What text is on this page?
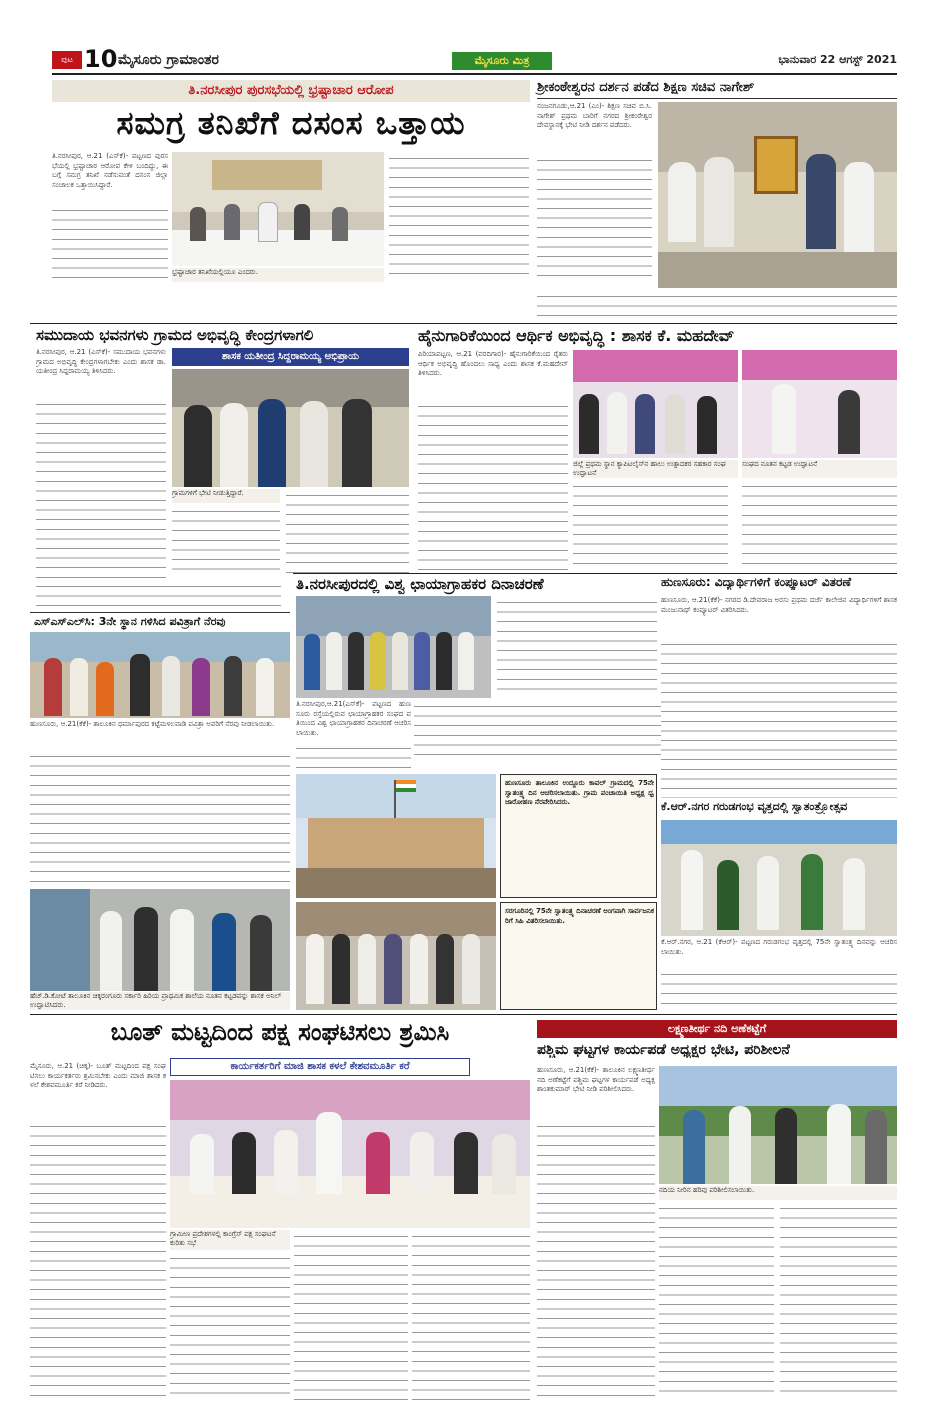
ಪುಟ 10 ಮೈಸೂರು ಗ್ರಾಮಾಂತರ	ಮೈಸೂರು ಮಿತ್ರ	ಭಾನುವಾರ 22 ಆಗಸ್ಟ್ 2021
ತಿ.ನರಸೀಪುರ ಪುರಸಭೆಯಲ್ಲಿ ಭ್ರಷ್ಟಾಚಾರ ಆರೋಪ
ಸಮಗ್ರ ತನಿಖೆಗೆ ದಸಂಸ ಒತ್ತಾಯ
ತಿ.ನರಸೀಪುರ, ಆ.21 (ಎಸ್‌ಕೆ)- ಪಟ್ಟಣದ ಪುರಸಭೆಯಲ್ಲಿ ಭ್ರಷ್ಟಾಚಾರ ಆರೋಪ ಕೇಳಿ ಬಂದಿದ್ದು, ಈ ಬಗ್ಗೆ ಸಮಗ್ರ ತನಿಖೆ ನಡೆಸುವಂತೆ ದಸಂಸ ಜಿಲ್ಲಾ ಸಂಚಾಲಕ ಒತ್ತಾಯಿಸಿದ್ದಾರೆ.
ಭ್ರಷ್ಟಾಚಾರ ತನಿಖೆಯಲ್ಲಿಯೂ ಎಂದರು.
ಶ್ರೀಕಂಠೇಶ್ವರನ ದರ್ಶನ ಪಡೆದ ಶಿಕ್ಷಣ ಸಚಿವ ನಾಗೇಶ್
ನಂಜನಗೂಡು,ಆ.21 (ಎಂ)- ಶಿಕ್ಷಣ ಸಚಿವ ಬಿ.ಸಿ.ನಾಗೇಶ್ ಪ್ರಥಮ ಬಾರಿಗೆ ನಗರದ ಶ್ರೀಕಂಠೇಶ್ವರ ದೇವಸ್ಥಾನಕ್ಕೆ ಭೇಟಿ ನೀಡಿ ದರ್ಶನ ಪಡೆದರು.
ಸಮುದಾಯ ಭವನಗಳು ಗ್ರಾಮದ ಅಭಿವೃದ್ಧಿ ಕೇಂದ್ರಗಳಾಗಲಿ
ಶಾಸಕ ಯತೀಂದ್ರ ಸಿದ್ದರಾಮಯ್ಯ ಅಭಿಪ್ರಾಯ
ತಿ.ನರಸೀಪುರ, ಆ.21 (ಎಸ್‌ಕೆ)- ಸಮುದಾಯ ಭವನಗಳು ಗ್ರಾಮದ ಅಭಿವೃದ್ಧಿ ಕೇಂದ್ರಗಳಾಗಬೇಕು ಎಂದು ಶಾಸಕ ಡಾ.ಯತೀಂದ್ರ ಸಿದ್ದರಾಮಯ್ಯ ತಿಳಿಸಿದರು.
ಗ್ರಾಮಗಳಿಗೆ ಭೇಟಿ ನೀಡುತ್ತಿದ್ದಾರೆ.
ಹೈನುಗಾರಿಕೆಯಿಂದ ಆರ್ಥಿಕ ಅಭಿವೃದ್ಧಿ : ಶಾಸಕ ಕೆ. ಮಹದೇವ್
ಪಿರಿಯಾಪಟ್ಟಣ, ಆ.21 (ವರದಿಗಾರ)- ಹೈನುಗಾರಿಕೆಯಿಂದ ರೈತರು ಆರ್ಥಿಕ ಅಭಿವೃದ್ಧಿ ಹೊಂದಲು ಸಾಧ್ಯ ಎಂದು ಶಾಸಕ ಕೆ.ಮಹದೇವ್ ತಿಳಿಸಿದರು.
ಜಿಲ್ಲೆ ಪ್ರಥಮ ಸ್ಥಾನ ಕ್ಯಾಪಿಟಲೈಸ್‌ನ ಹಾಲು ಉತ್ಪಾದಕರ ಸಹಕಾರ ಸಂಘ ಉದ್ಘಾಟನೆ
ಸಂಘದ ನೂತನ ಕಟ್ಟಡ ಉದ್ಘಾಟನೆ
ತಿ.ನರಸೀಪುರದಲ್ಲಿ ವಿಶ್ವ ಛಾಯಾಗ್ರಾಹಕರ ದಿನಾಚರಣೆ
ತಿ.ನರಸೀಪುರ,ಆ.21(ಎಸ್‌ಕೆ)- ಪಟ್ಟಣದ ಹುಣಸೂರು ರಸ್ತೆಯಲ್ಲಿರುವ ಛಾಯಾಗ್ರಾಹಕರ ಸಂಘದ ವತಿಯಿಂದ ವಿಶ್ವ ಛಾಯಾಗ್ರಾಹಕರ ದಿನಾಚರಣೆ ಆಚರಿಸಲಾಯಿತು.
ಹುಣಸೂರು: ವಿದ್ಯಾರ್ಥಿಗಳಿಗೆ ಕಂಪ್ಯೂಟರ್ ವಿತರಣೆ
ಹುಣಸೂರು, ಆ.21(ಕೆಕೆ)- ನಗರದ ಡಿ.ದೇವರಾಜ ಅರಸು ಪ್ರಥಮ ದರ್ಜೆ ಕಾಲೇಜಿನ ವಿದ್ಯಾರ್ಥಿಗಳಿಗೆ ಶಾಸಕ ಮಂಜುನಾಥ್ ಕಂಪ್ಯೂಟರ್ ವಿತರಿಸಿದರು.
ಎಸ್‌ಎಸ್‌ಎಲ್‌ಸಿ: 3ನೇ ಸ್ಥಾನ ಗಳಿಸಿದ ಪವಿತ್ರಾಗೆ ನೆರವು
ಹುಣಸೂರು, ಆ.21(ಕೆಕೆ)- ತಾಲೂಕಿನ ಧರ್ಮಾಪುರದ ಕಟ್ಟೆಮಳಲವಾಡಿ ಪವಿತ್ರಾ ಅವರಿಗೆ ನೆರವು ನೀಡಲಾಯಿತು.
ಹೆಚ್.ಡಿ.ಕೋಟೆ ತಾಲೂಕಿನ ಚಿಕ್ಕರಂಗೂರು ಸರ್ಕಾರಿ ಹಿರಿಯ ಪ್ರಾಥಮಿಕ ಶಾಲೆಯ ನೂತನ ಕಟ್ಟಡವನ್ನು ಶಾಸಕ ಅನಿಲ್ ಉದ್ಘಾಟಿಸಿದರು.
ಹುಣಸೂರು ತಾಲೂಕಿನ ಉದ್ದೂರು ಕಾವಲ್ ಗ್ರಾಮದಲ್ಲಿ 75ನೇ ಸ್ವಾತಂತ್ರ್ಯ ದಿನ ಆಚರಿಸಲಾಯಿತು. ಗ್ರಾಮ ಪಂಚಾಯಿತಿ ಅಧ್ಯಕ್ಷ ಧ್ವಜಾರೋಹಣ ನೆರವೇರಿಸಿದರು.	ಕೆ.ಆರ್.ನಗರ ಗರುಡಗಂಭ ವೃತ್ತದಲ್ಲಿ ಸ್ವಾತಂತ್ರ್ಯೋತ್ಸವ
ಕೆ.ಆರ್.ನಗರ, ಆ.21 (ಕೆಆರ್)- ಪಟ್ಟಣದ ಗರುಡಗಂಭ ವೃತ್ತದಲ್ಲಿ 75ನೇ ಸ್ವಾತಂತ್ರ್ಯ ದಿನವನ್ನು ಆಚರಿಸಲಾಯಿತು.
ಸರಗೂರಿನಲ್ಲಿ 75ನೇ ಸ್ವಾತಂತ್ರ್ಯ ದಿನಾಚರಣೆ ಅಂಗವಾಗಿ ಸಾರ್ವಜನಿಕರಿಗೆ ಸಿಹಿ ವಿತರಿಸಲಾಯಿತು.
ಬೂತ್ ಮಟ್ಟದಿಂದ ಪಕ್ಷ ಸಂಘಟಿಸಲು ಶ್ರಮಿಸಿ
ಕಾರ್ಯಕರ್ತರಿಗೆ ಮಾಜಿ ಶಾಸಕ ಕಳಲೆ ಕೇಶವಮೂರ್ತಿ ಕರೆ
ಮೈಸೂರು, ಆ.21 (ಚಿಕ್ಕ)- ಬೂತ್ ಮಟ್ಟದಿಂದ ಪಕ್ಷ ಸಂಘಟಿಸಲು ಕಾರ್ಯಕರ್ತರು ಶ್ರಮಿಸಬೇಕು ಎಂದು ಮಾಜಿ ಶಾಸಕ ಕಳಲೆ ಕೇಶವಮೂರ್ತಿ ಕರೆ ನೀಡಿದರು.
ಗ್ರಾಮೀಣ ಪ್ರದೇಶಗಳಲ್ಲಿ ಕಾಂಗ್ರೆಸ್ ಪಕ್ಷ ಸಂಘಟನೆ ಕುರಿತು ಸಭೆ
ಲಕ್ಷ್ಮಣತೀರ್ಥ ನದಿ ಅಣೆಕಟ್ಟೆಗೆ
ಪಶ್ಚಿಮ ಘಟ್ಟಗಳ ಕಾರ್ಯಪಡೆ ಅಧ್ಯಕ್ಷರ ಭೇಟಿ, ಪರಿಶೀಲನೆ
ಹುಣಸೂರು, ಆ.21(ಕೆಕೆ)- ತಾಲೂಕಿನ ಲಕ್ಷ್ಮಣತೀರ್ಥ ನದಿ ಅಣೆಕಟ್ಟೆಗೆ ಪಶ್ಚಿಮ ಘಟ್ಟಗಳ ಕಾರ್ಯಪಡೆ ಅಧ್ಯಕ್ಷ ಶಾಂತಕುಮಾರ್ ಭೇಟಿ ನೀಡಿ ಪರಿಶೀಲಿಸಿದರು.
ನದಿಯ ನೀರಿನ ಹರಿವು ಪರಿಶೀಲಿಸಲಾಯಿತು.
